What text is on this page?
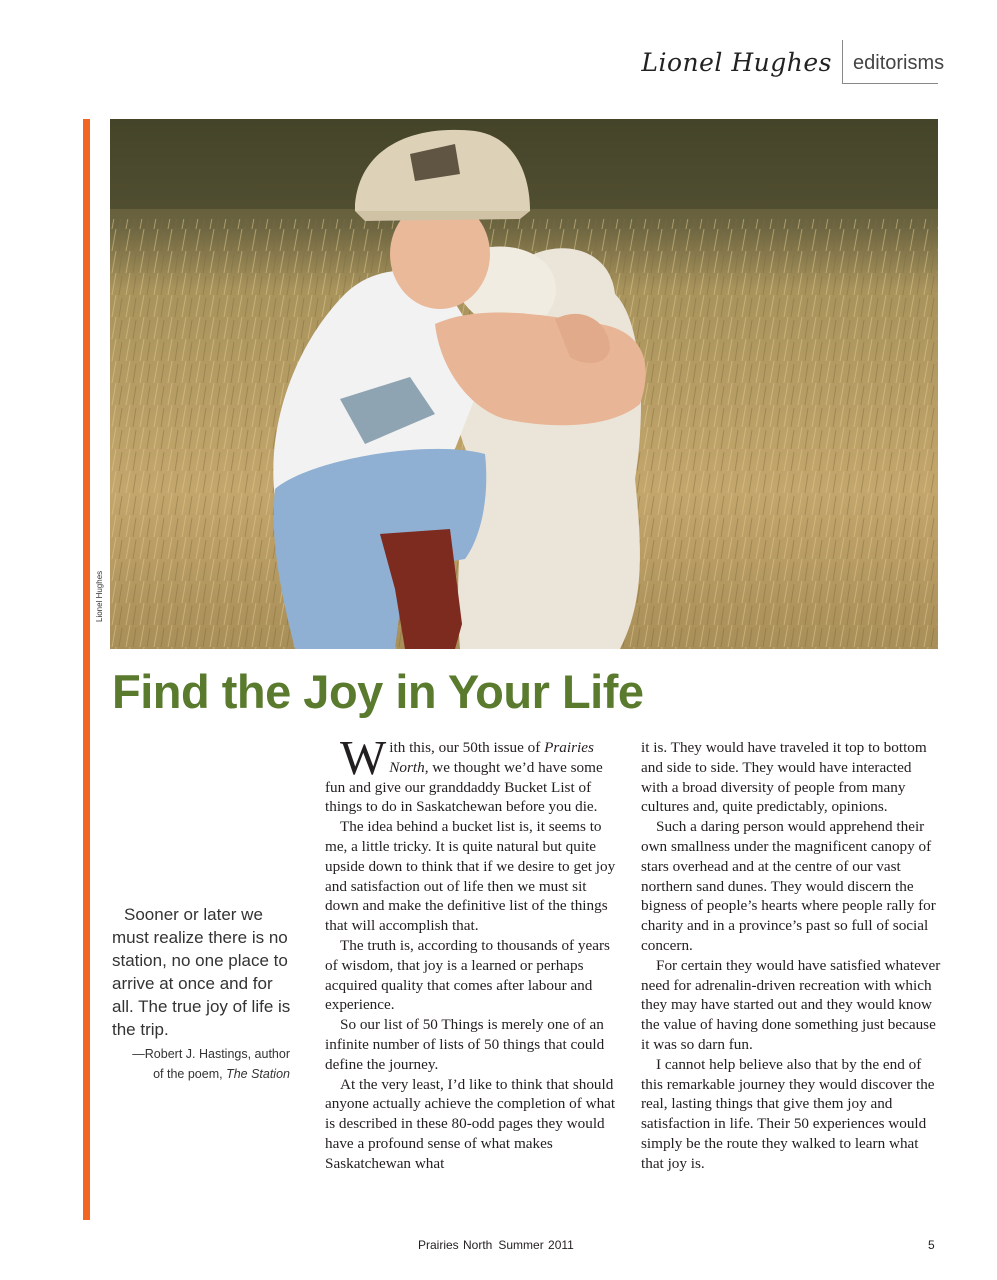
Lionel Hughes editorisms
Lionel Hughes
Find the Joy in Your Life
Sooner or later we must realize there is no station, no one place to arrive at once and for all. The true joy of life is the trip.
—Robert J. Hastings, author
of the poem, The Station

With this, our 50th issue of Prairies North, we thought we’d have some fun and give our granddaddy Bucket List of things to do in Saskatchewan before you die.

The idea behind a bucket list is, it seems to me, a little tricky. It is quite natural but quite upside down to think that if we desire to get joy and satisfaction out of life then we must sit down and make the definitive list of the things that will accomplish that.

The truth is, according to thousands of years of wisdom, that joy is a learned or perhaps acquired quality that comes after labour and experience.

So our list of 50 Things is merely one of an infinite number of lists of 50 things that could define the journey.

At the very least, I’d like to think that should anyone actually achieve the completion of what is described in these 80-odd pages they would have a profound sense of what makes Saskatchewan what

it is. They would have traveled it top to bottom and side to side. They would have interacted with a broad diversity of people from many cultures and, quite predictably, opinions.

Such a daring person would apprehend their own smallness under the magnificent canopy of stars overhead and at the centre of our vast northern sand dunes. They would discern the bigness of people’s hearts where people rally for charity and in a province’s past so full of social concern.

For certain they would have satisfied whatever need for adrenalin-driven recreation with which they may have started out and they would know the value of having done something just because it was so darn fun.

I cannot help believe also that by the end of this remarkable journey they would discover the real, lasting things that give them joy and satisfaction in life. Their 50 experiences would simply be the route they walked to learn what that joy is.

Prairies North Summer 2011	5
